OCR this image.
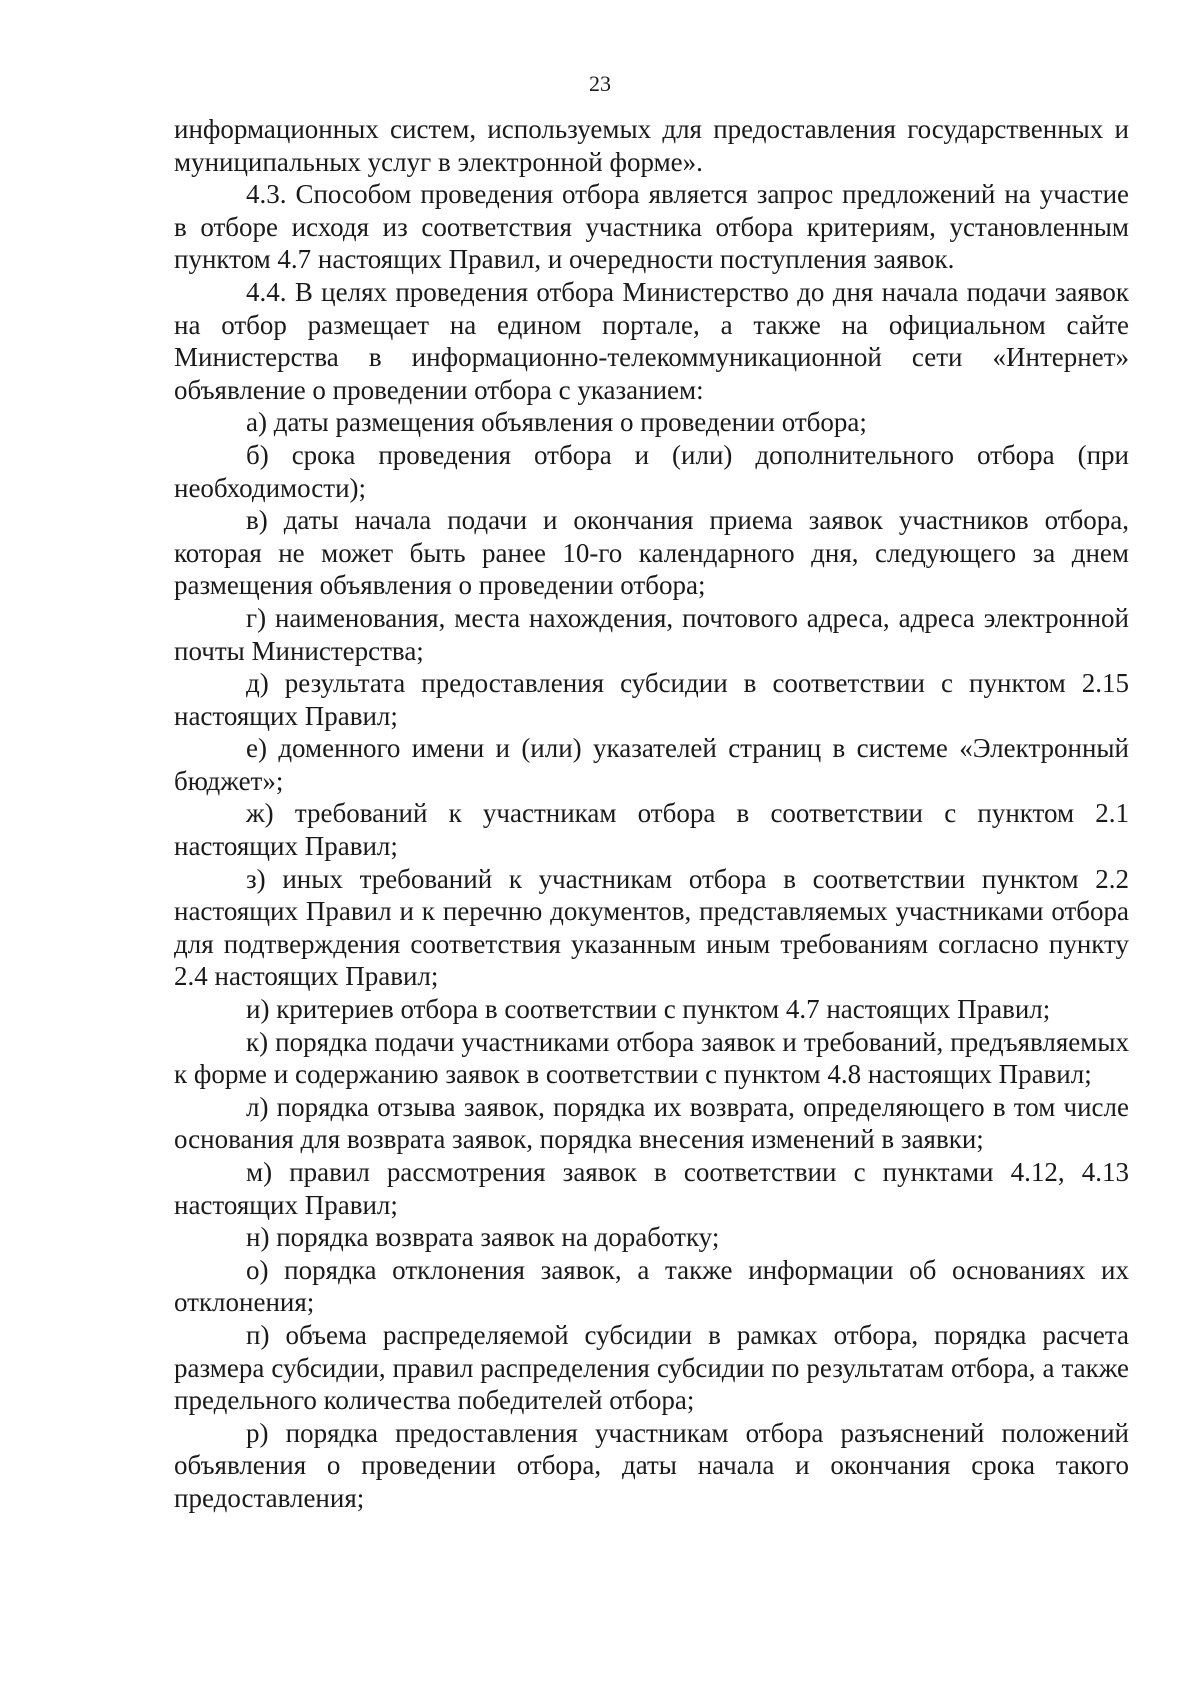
23

информационных систем, используемых для предоставления государственных и муниципальных услуг в электронной форме».

4.3. Способом проведения отбора является запрос предложений на участие в отборе исходя из соответствия участника отбора критериям, установленным пунктом 4.7 настоящих Правил, и очередности поступления заявок.

4.4. В целях проведения отбора Министерство до дня начала подачи заявок на отбор размещает на едином портале, а также на официальном сайте Министерства в информационно-телекоммуникационной сети «Интернет» объявление о проведении отбора с указанием:

а) даты размещения объявления о проведении отбора;

б) срока проведения отбора и (или) дополнительного отбора (при необходимости);

в) даты начала подачи и окончания приема заявок участников отбора, которая не может быть ранее 10-го календарного дня, следующего за днем размещения объявления о проведении отбора;

г) наименования, места нахождения, почтового адреса, адреса электронной почты Министерства;

д) результата предоставления субсидии в соответствии с пунктом 2.15 настоящих Правил;

е) доменного имени и (или) указателей страниц в системе «Электронный бюджет»;

ж) требований к участникам отбора в соответствии с пунктом 2.1 настоящих Правил;

з) иных требований к участникам отбора в соответствии пунктом 2.2 настоящих Правил и к перечню документов, представляемых участниками отбора для подтверждения соответствия указанным иным требованиям согласно пункту 2.4 настоящих Правил;

и) критериев отбора в соответствии с пунктом 4.7 настоящих Правил;

к) порядка подачи участниками отбора заявок и требований, предъявляемых к форме и содержанию заявок в соответствии с пунктом 4.8 настоящих Правил;

л) порядка отзыва заявок, порядка их возврата, определяющего в том числе основания для возврата заявок, порядка внесения изменений в заявки;

м) правил рассмотрения заявок в соответствии с пунктами 4.12, 4.13 настоящих Правил;

н) порядка возврата заявок на доработку;

о) порядка отклонения заявок, а также информации об основаниях их отклонения;

п) объема распределяемой субсидии в рамках отбора, порядка расчета размера субсидии, правил распределения субсидии по результатам отбора, а также предельного количества победителей отбора;

р) порядка предоставления участникам отбора разъяснений положений объявления о проведении отбора, даты начала и окончания срока такого предоставления;
